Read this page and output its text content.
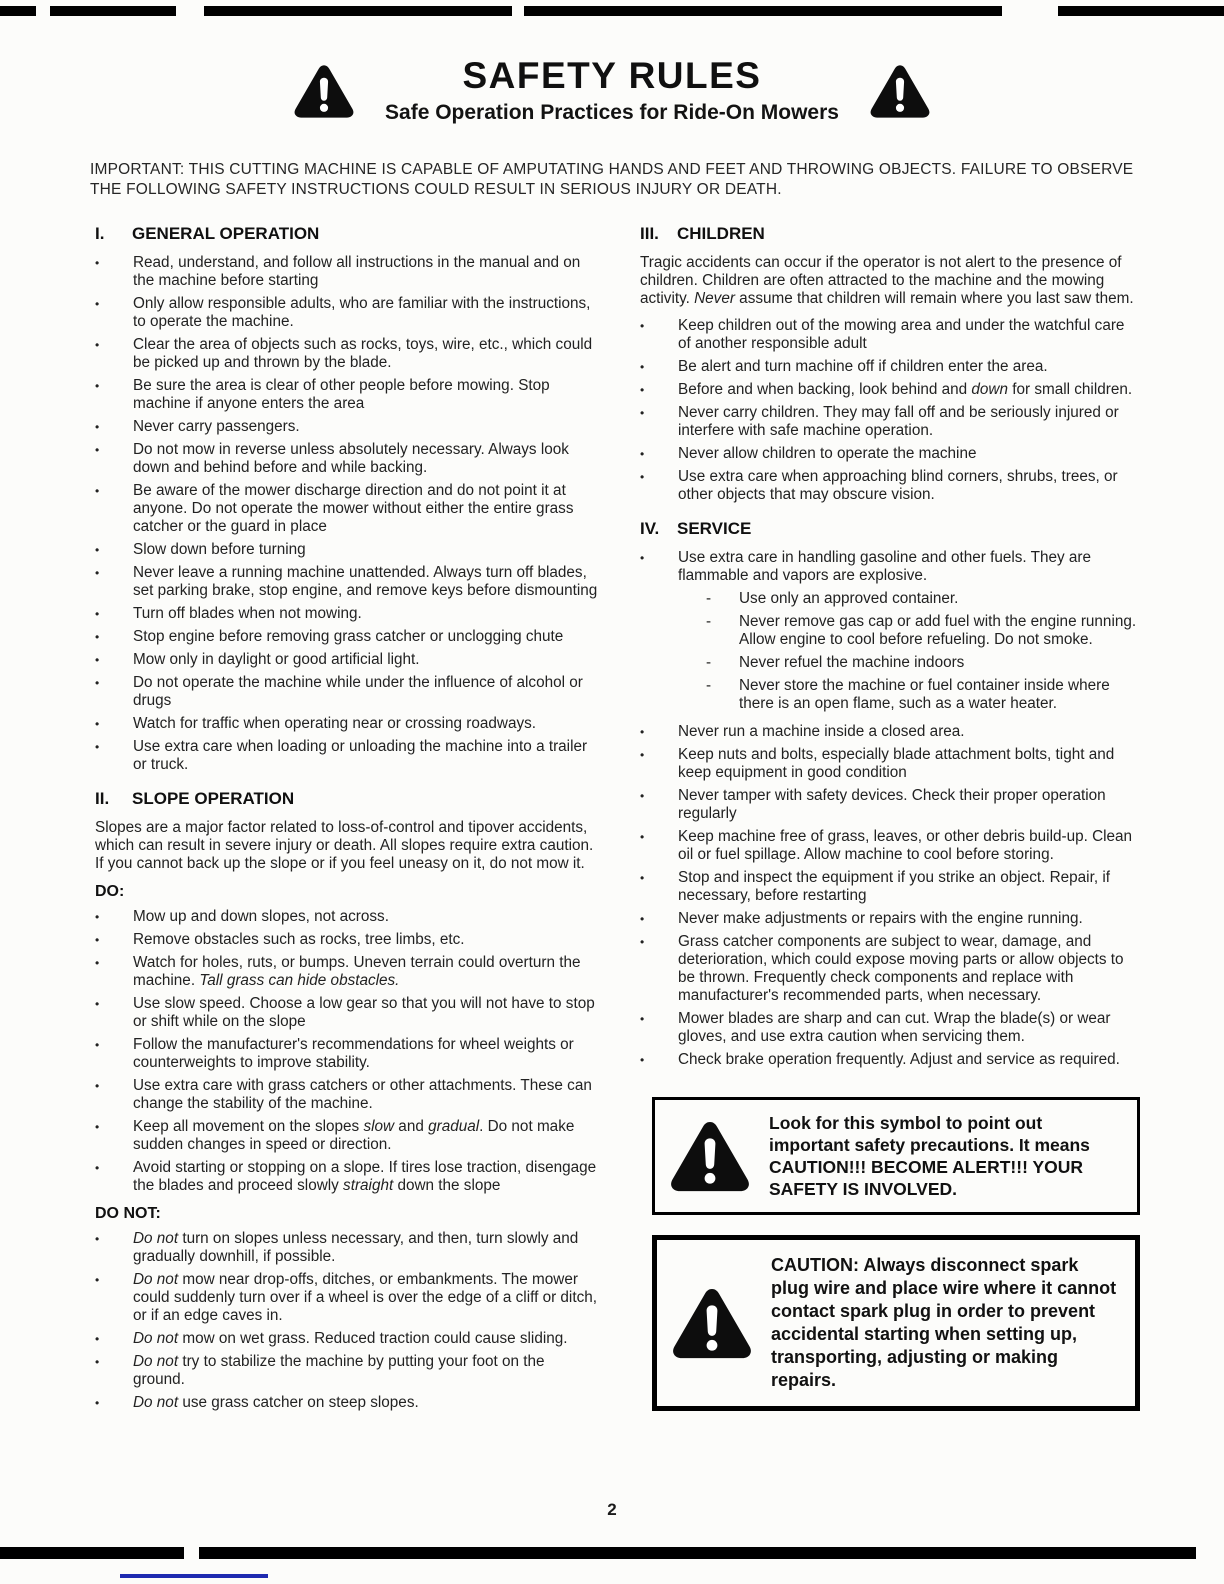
SAFETY RULES
Safe Operation Practices for Ride-On Mowers

IMPORTANT: THIS CUTTING MACHINE IS CAPABLE OF AMPUTATING HANDS AND FEET AND THROWING OBJECTS. FAILURE TO OBSERVE THE FOLLOWING SAFETY INSTRUCTIONS COULD RESULT IN SERIOUS INJURY OR DEATH.

I.	GENERAL OPERATION
•
Read, understand, and follow all instructions in the manual and on the machine before starting
•
Only allow responsible adults, who are familiar with the instructions, to operate the machine.
•
Clear the area of objects such as rocks, toys, wire, etc., which could be picked up and thrown by the blade.
•
Be sure the area is clear of other people before mowing. Stop machine if anyone enters the area
•
Never carry passengers.
•
Do not mow in reverse unless absolutely necessary. Always look down and behind before and while backing.
•
Be aware of the mower discharge direction and do not point it at anyone. Do not operate the mower without either the entire grass catcher or the guard in place
•
Slow down before turning
•
Never leave a running machine unattended. Always turn off blades, set parking brake, stop engine, and remove keys before dismounting
•
Turn off blades when not mowing.
•
Stop engine before removing grass catcher or unclogging chute
•
Mow only in daylight or good artificial light.
•
Do not operate the machine while under the influence of alcohol or drugs
•
Watch for traffic when operating near or crossing roadways.
•
Use extra care when loading or unloading the machine into a trailer or truck.
II.	SLOPE OPERATION

Slopes are a major factor related to loss-of-control and tipover accidents, which can result in severe injury or death. All slopes require extra caution. If you cannot back up the slope or if you feel uneasy on it, do not mow it.

DO:
•
Mow up and down slopes, not across.
•
Remove obstacles such as rocks, tree limbs, etc.
•
Watch for holes, ruts, or bumps. Uneven terrain could overturn the machine. Tall grass can hide obstacles.
•
Use slow speed. Choose a low gear so that you will not have to stop or shift while on the slope
•
Follow the manufacturer's recommendations for wheel weights or counterweights to improve stability.
•
Use extra care with grass catchers or other attachments. These can change the stability of the machine.
•
Keep all movement on the slopes slow and gradual. Do not make sudden changes in speed or direction.
•
Avoid starting or stopping on a slope. If tires lose traction, disengage the blades and proceed slowly straight down the slope
DO NOT:
•
Do not turn on slopes unless necessary, and then, turn slowly and gradually downhill, if possible.
•
Do not mow near drop-offs, ditches, or embankments. The mower could suddenly turn over if a wheel is over the edge of a cliff or ditch, or if an edge caves in.
•
Do not mow on wet grass. Reduced traction could cause sliding.
•
Do not try to stabilize the machine by putting your foot on the ground.
•
Do not use grass catcher on steep slopes.
III.	CHILDREN

Tragic accidents can occur if the operator is not alert to the presence of children. Children are often attracted to the machine and the mowing activity. Never assume that children will remain where you last saw them.

•
Keep children out of the mowing area and under the watchful care of another responsible adult
•
Be alert and turn machine off if children enter the area.
•
Before and when backing, look behind and down for small children.
•
Never carry children. They may fall off and be seriously injured or interfere with safe machine operation.
•
Never allow children to operate the machine
•
Use extra care when approaching blind corners, shrubs, trees, or other objects that may obscure vision.
IV.	SERVICE
•
Use extra care in handling gasoline and other fuels. They are flammable and vapors are explosive.
-
Use only an approved container.
-
Never remove gas cap or add fuel with the engine running. Allow engine to cool before refueling. Do not smoke.
-
Never refuel the machine indoors
-
Never store the machine or fuel container inside where there is an open flame, such as a water heater.
•
Never run a machine inside a closed area.
•
Keep nuts and bolts, especially blade attachment bolts, tight and keep equipment in good condition
•
Never tamper with safety devices. Check their proper operation regularly
•
Keep machine free of grass, leaves, or other debris build-up. Clean oil or fuel spillage. Allow machine to cool before storing.
•
Stop and inspect the equipment if you strike an object. Repair, if necessary, before restarting
•
Never make adjustments or repairs with the engine running.
•
Grass catcher components are subject to wear, damage, and deterioration, which could expose moving parts or allow objects to be thrown. Frequently check components and replace with manufacturer's recommended parts, when necessary.
•
Mower blades are sharp and can cut. Wrap the blade(s) or wear gloves, and use extra caution when servicing them.
•
Check brake operation frequently. Adjust and service as required.

Look for this symbol to point out important safety precautions. It means CAUTION!!! BECOME ALERT!!! YOUR SAFETY IS INVOLVED.

CAUTION: Always disconnect spark plug wire and place wire where it cannot contact spark plug in order to prevent accidental starting when setting up, transporting, adjusting or making repairs.

2
